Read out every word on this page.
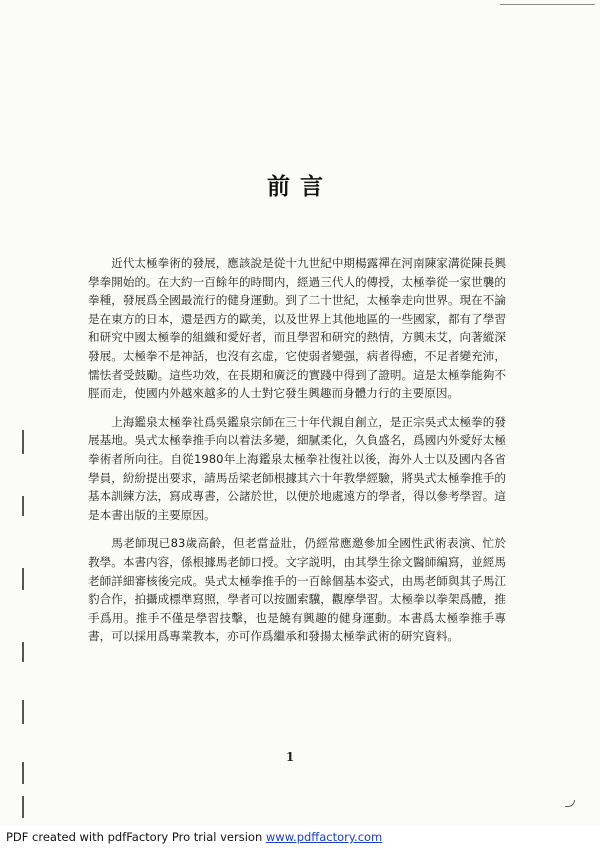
前言

近代太極拳術的發展，應該說是從十九世紀中期楊露禪在河南陳家溝從陳長興學拳開始的。在大約一百餘年的時間内，經過三代人的傳授，太極拳從一家世襲的拳種，發展爲全國最流行的健身運動。到了二十世紀，太極拳走向世界。現在不論是在東方的日本，還是西方的歐美，以及世界上其他地區的一些國家，都有了學習和研究中國太極拳的組織和愛好者，而且學習和研究的熱情，方興未艾，向著縱深發展。太極拳不是神話，也沒有玄虚，它使弱者變强，病者得癒，不足者變充沛，懦怯者受鼓勵。這些功效，在長期和廣泛的實踐中得到了證明。這是太極拳能夠不脛而走，使國内外越來越多的人士對它發生興趣而身體力行的主要原因。

上海鑑泉太極拳社爲吳鑑泉宗師在三十年代親自創立，是正宗吳式太極拳的發展基地。吳式太極拳推手向以着法多變，細膩柔化，久負盛名，爲國内外愛好太極拳術者所向往。自從1980年上海鑑泉太極拳社復社以後，海外人士以及國内各省學員，紛紛提出要求，請馬岳梁老師根據其六十年教學經驗，將吳式太極拳推手的基本訓練方法，寫成專書，公諸於世，以便於地處遠方的學者，得以參考學習。這是本書出版的主要原因。

馬老師現已83歲高齡，但老當益壯，仍經常應邀參加全國性武術表演、忙於教學。本書内容，係根據馬老師口授。文字説明，由其學生徐文醫師編寫，並經馬老師詳細審核後完成。吳式太極拳推手的一百餘個基本姿式，由馬老師與其子馬江豹合作，拍攝成標準寫照，學者可以按圖索驥，觀摩學習。太極拳以拳架爲體，推手爲用。推手不僅是學習技擊，也是饒有興趣的健身運動。本書爲太極拳推手專書，可以採用爲專業教本，亦可作爲繼承和發揚太極拳武術的研究資料。

1
PDF created with pdfFactory Pro trial version www.pdffactory.com
